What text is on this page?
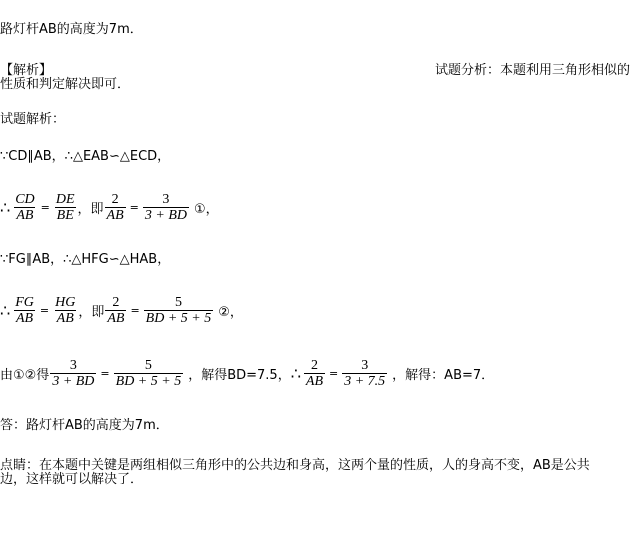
路灯杆AB的高度为7m．
【解析】	试题分析：本题利用三角形相似的
性质和判定解决即可．
试题解析：
∵CD∥AB，∴△EAB∽△ECD，
∴ $\frac{CD}{AB} = \frac{DE}{BE}$ ，即 $\frac{2}{AB} = \frac{3}{3 + BD}$ ①，
∵FG∥AB，∴△HFG∽△HAB，
∴ $\frac{FG}{AB} = \frac{HG}{AB}$ ，即 $\frac{2}{AB} = \frac{5}{BD + 5 + 5}$ ②，
由①②得 $\frac{3}{3 + BD} = \frac{5}{BD + 5 + 5}$ ，解得BD=7.5， ∴ $\frac{2}{AB} = \frac{3}{3 + 7.5}$ ，解得：AB=7．
答：路灯杆AB的高度为7m．
点睛：在本题中关键是两组相似三角形中的公共边和身高，这两个量的性质，人的身高不变，AB是公共
边，这样就可以解决了．
